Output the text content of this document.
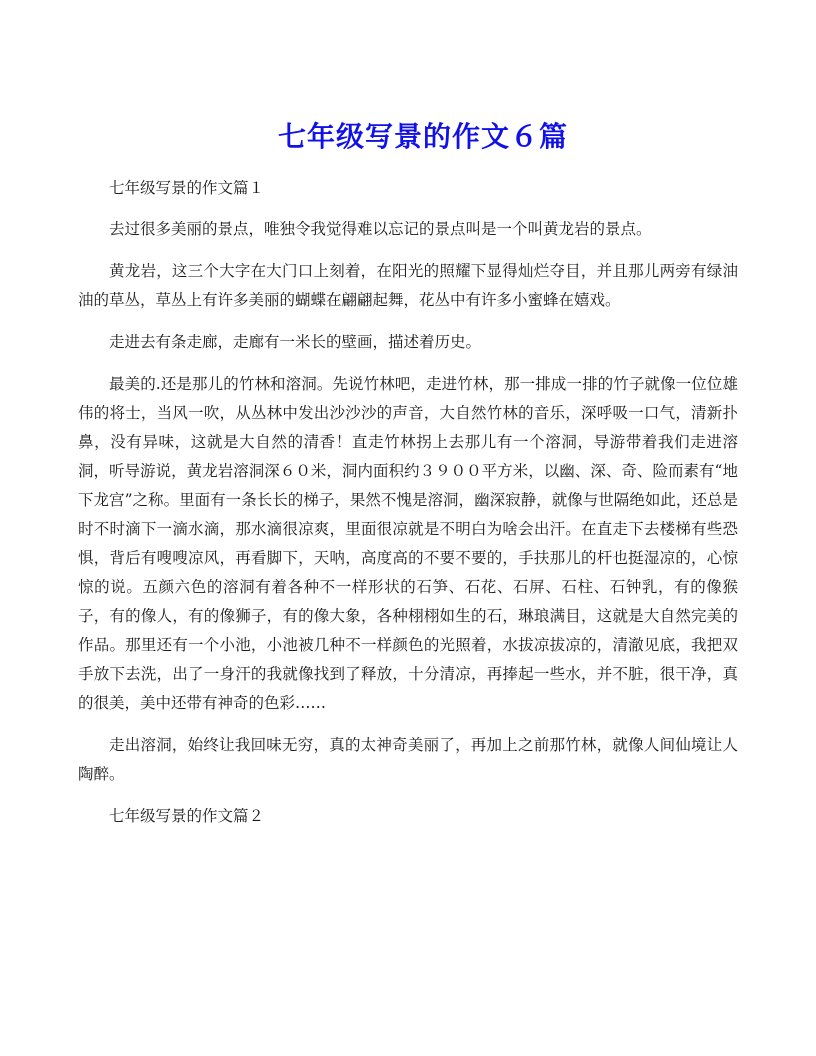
七年级写景的作文６篇

七年级写景的作文篇１

去过很多美丽的景点，唯独令我觉得难以忘记的景点叫是一个叫黄龙岩的景点。

黄龙岩，这三个大字在大门口上刻着，在阳光的照耀下显得灿烂夺目，并且那儿两旁有绿油油的草丛，草丛上有许多美丽的蝴蝶在翩翩起舞，花丛中有许多小蜜蜂在嬉戏。

走进去有条走廊，走廊有一米长的壁画，描述着历史。

最美的.还是那儿的竹林和溶洞。先说竹林吧，走进竹林，那一排成一排的竹子就像一位位雄伟的将士，当风一吹，从丛林中发出沙沙沙的声音，大自然竹林的音乐，深呼吸一口气，清新扑鼻，没有异味，这就是大自然的清香！直走竹林拐上去那儿有一个溶洞，导游带着我们走进溶洞，听导游说，黄龙岩溶洞深６０米，洞内面积约３９００平方米，以幽、深、奇、险而素有“地下龙宫”之称。里面有一条长长的梯子，果然不愧是溶洞，幽深寂静，就像与世隔绝如此，还总是时不时滴下一滴水滴，那水滴很凉爽，里面很凉就是不明白为啥会出汗。在直走下去楼梯有些恐惧，背后有嗖嗖凉风，再看脚下，天呐，高度高的不要不要的，手扶那儿的杆也挺湿凉的，心惊惊的说。五颜六色的溶洞有着各种不一样形状的石笋、石花、石屏、石柱、石钟乳，有的像猴子，有的像人，有的像狮子，有的像大象，各种栩栩如生的石，琳琅满目，这就是大自然完美的作品。那里还有一个小池，小池被几种不一样颜色的光照着，水拔凉拔凉的，清澈见底，我把双手放下去洗，出了一身汗的我就像找到了释放，十分清凉，再捧起一些水，并不脏，很干净，真的很美，美中还带有神奇的色彩……

走出溶洞，始终让我回味无穷，真的太神奇美丽了，再加上之前那竹林，就像人间仙境让人陶醉。

七年级写景的作文篇２
